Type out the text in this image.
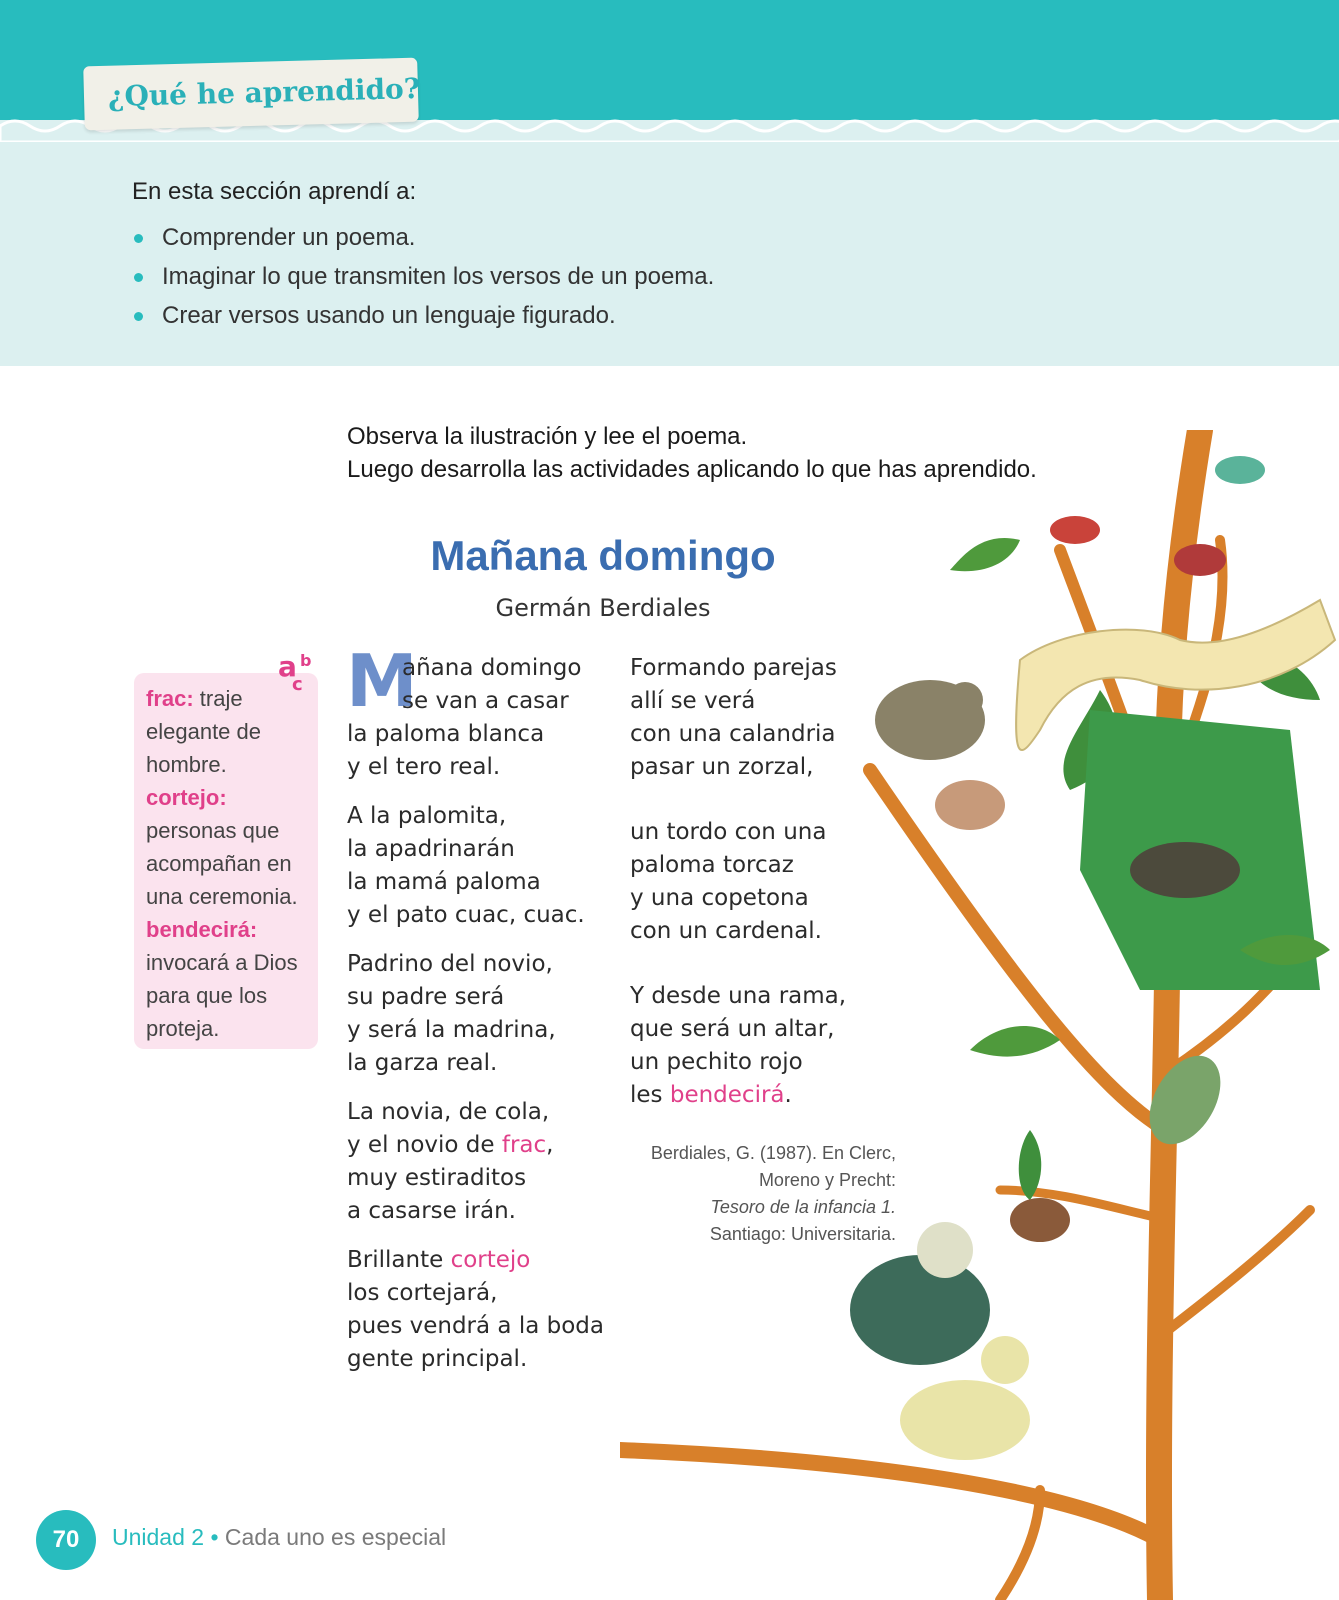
¿Qué he aprendido?
En esta sección aprendí a:
Comprender un poema.
Imaginar lo que transmiten los versos de un poema.
Crear versos usando un lenguaje figurado.
Observa la ilustración y lee el poema.
Luego desarrolla las actividades aplicando lo que has aprendido.
Mañana domingo
Germán Berdiales
a b
c
frac: traje elegante de hombre.
cortejo: personas que acompañan en una ceremonia.
bendecirá: invocará a Dios para que los proteja.
M
añana domingo
se van a casar
la paloma blanca
y el tero real.
A la palomita,
la apadrinarán
la mamá paloma
y el pato cuac, cuac.
Padrino del novio,
su padre será
y será la madrina,
la garza real.
La novia, de cola,
y el novio de frac,
muy estiraditos
a casarse irán.
Brillante cortejo
los cortejará,
pues vendrá a la boda
gente principal.
Formando parejas
allí se verá
con una calandria
pasar un zorzal,
un tordo con una
paloma torcaz
y una copetona
con un cardenal.
Y desde una rama,
que será un altar,
un pechito rojo
les bendecirá.
Berdiales, G. (1987). En Clerc,
Moreno y Precht:
Tesoro de la infancia 1.
Santiago: Universitaria.
70	Unidad 2 • Cada uno es especial
